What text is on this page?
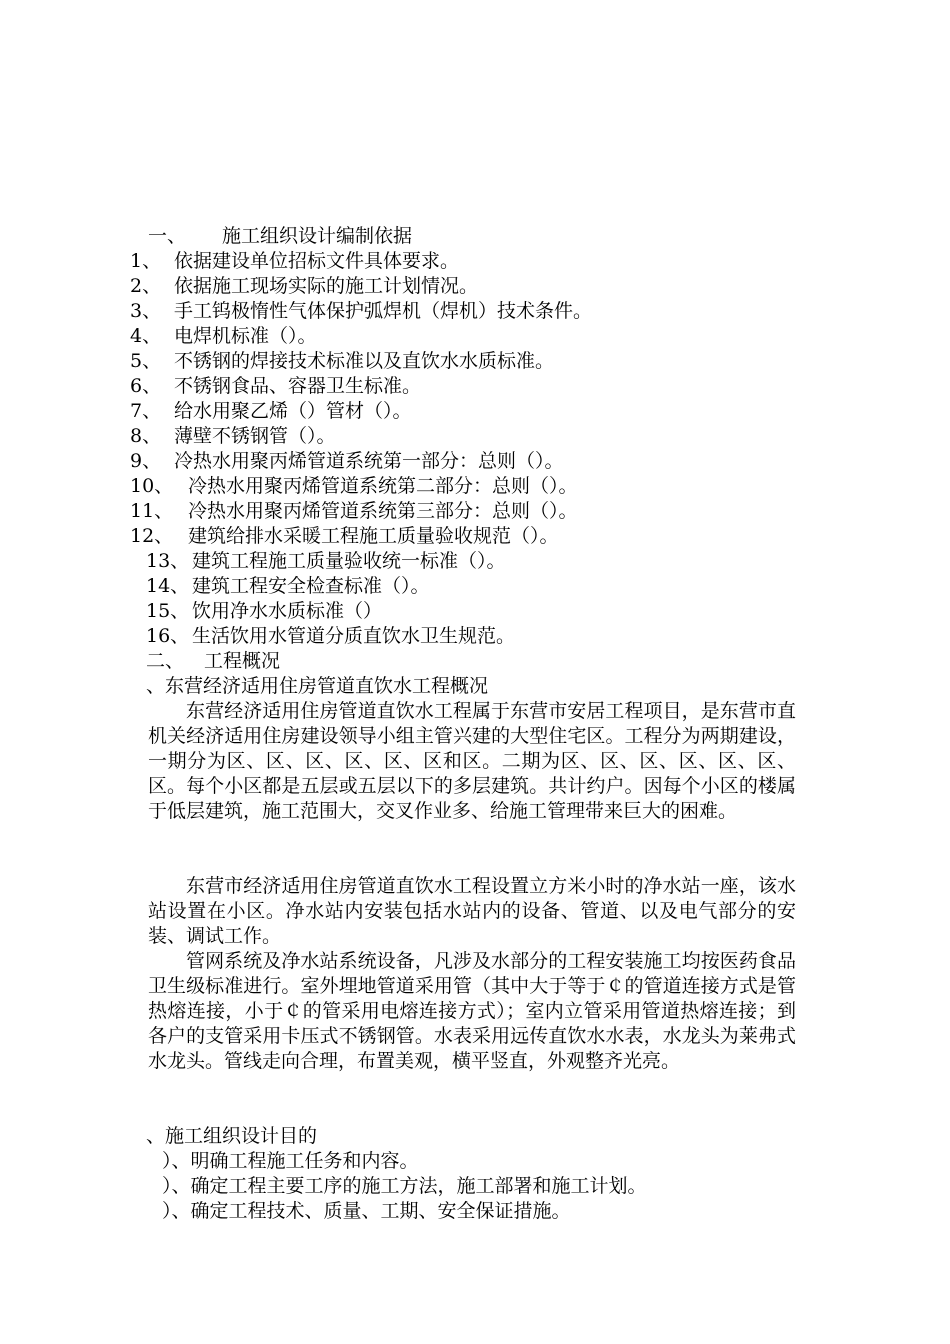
一、 施工组织设计编制依据
1、 依据建设单位招标文件具体要求。
2、 依据施工现场实际的施工计划情况。
3、 手工钨极惰性气体保护弧焊机（焊机）技术条件。
4、 电焊机标准（）。
5、 不锈钢的焊接技术标准以及直饮水水质标准。
6、 不锈钢食品、容器卫生标准。
7、 给水用聚乙烯（）管材（）。
8、 薄壁不锈钢管（）。
9、 冷热水用聚丙烯管道系统第一部分：总则（）。
10、 冷热水用聚丙烯管道系统第二部分：总则（）。
11、 冷热水用聚丙烯管道系统第三部分：总则（）。
12、 建筑给排水采暖工程施工质量验收规范（）。
13、 建筑工程施工质量验收统一标准（）。
14、 建筑工程安全检查标准（）。
15、 饮用净水水质标准（）
16、 生活饮用水管道分质直饮水卫生规范。
二、 工程概况
、东营经济适用住房管道直饮水工程概况
东营经济适用住房管道直饮水工程属于东营市安居工程项目，是东营市直机关经济适用住房建设领导小组主管兴建的大型住宅区。工程分为两期建设，一期分为区、区、区、区、区、区和区。二期为区、区、区、区、区、区、区。每个小区都是五层或五层以下的多层建筑。共计约户。因每个小区的楼属于低层建筑，施工范围大，交叉作业多、给施工管理带来巨大的困难。
东营市经济适用住房管道直饮水工程设置立方米小时的净水站一座，该水站设置在小区。净水站内安装包括水站内的设备、管道、以及电气部分的安装、调试工作。
管网系统及净水站系统设备，凡涉及水部分的工程安装施工均按医药食品卫生级标准进行。室外埋地管道采用管（其中大于等于￠的管道连接方式是管热熔连接，小于￠的管采用电熔连接方式）；室内立管采用管道热熔连接；到各户的支管采用卡压式不锈钢管。水表采用远传直饮水水表，水龙头为莱弗式水龙头。管线走向合理，布置美观，横平竖直，外观整齐光亮。
、施工组织设计目的
）、明确工程施工任务和内容。
）、确定工程主要工序的施工方法，施工部署和施工计划。
）、确定工程技术、质量、工期、安全保证措施。
